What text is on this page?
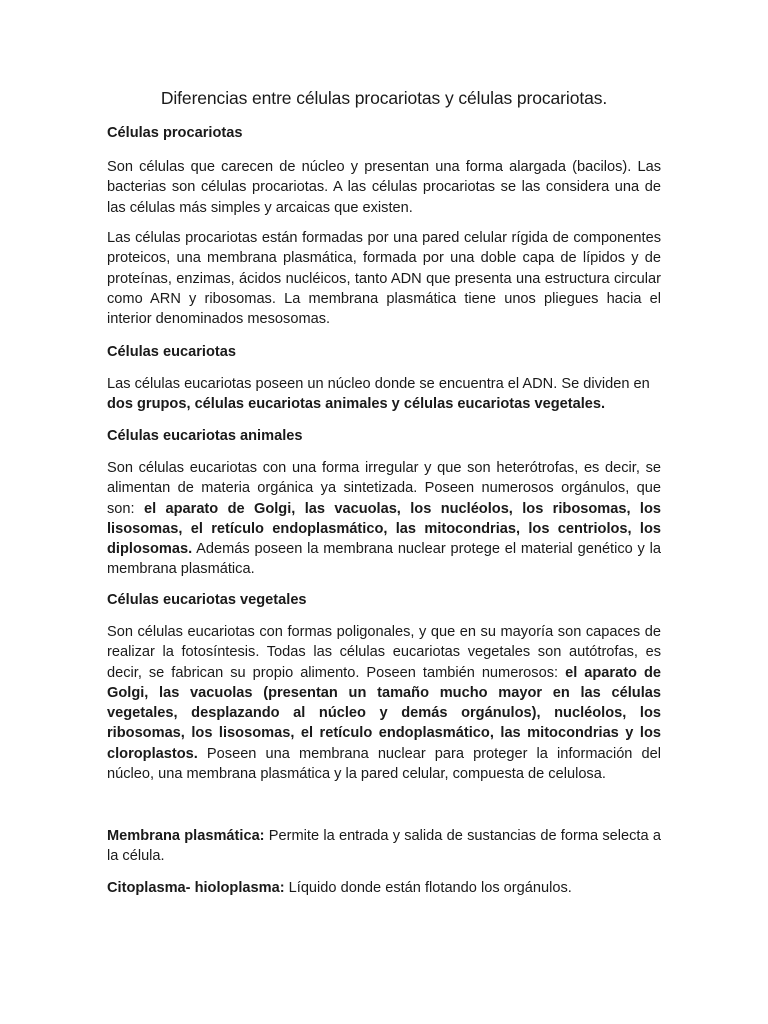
Diferencias entre células procariotas y células procariotas.

Células procariotas

Son células que carecen de núcleo y presentan una forma alargada (bacilos). Las bacterias son células procariotas. A las células procariotas se las considera una de las células más simples y arcaicas que existen.

Las células procariotas están formadas por una pared celular rígida de componentes proteicos, una membrana plasmática, formada por una doble capa de lípidos y de proteínas, enzimas, ácidos nucléicos, tanto ADN que presenta una estructura circular como ARN y ribosomas. La membrana plasmática tiene unos pliegues hacia el interior denominados mesosomas.

Células eucariotas

Las células eucariotas poseen un núcleo donde se encuentra el ADN. Se dividen en dos grupos, células eucariotas animales y células eucariotas vegetales.

Células eucariotas animales

Son células eucariotas con una forma irregular y que son heterótrofas, es decir, se alimentan de materia orgánica ya sintetizada. Poseen numerosos orgánulos, que son: el aparato de Golgi, las vacuolas, los nucléolos, los ribosomas, los lisosomas, el retículo endoplasmático, las mitocondrias, los centriolos, los diplosomas. Además poseen la membrana nuclear protege el material genético y la membrana plasmática.

Células eucariotas vegetales

Son células eucariotas con formas poligonales, y que en su mayoría son capaces de realizar la fotosíntesis. Todas las células eucariotas vegetales son autótrofas, es decir, se fabrican su propio alimento. Poseen también numerosos: el aparato de Golgi, las vacuolas (presentan un tamaño mucho mayor en las células vegetales, desplazando al núcleo y demás orgánulos), nucléolos, los ribosomas, los lisosomas, el retículo endoplasmático, las mitocondrias y los cloroplastos. Poseen una membrana nuclear para proteger la información del núcleo, una membrana plasmática y la pared celular, compuesta de celulosa.

Membrana plasmática: Permite la entrada y salida de sustancias de forma selecta a la célula.

Citoplasma- hioloplasma: Líquido donde están flotando los orgánulos.
